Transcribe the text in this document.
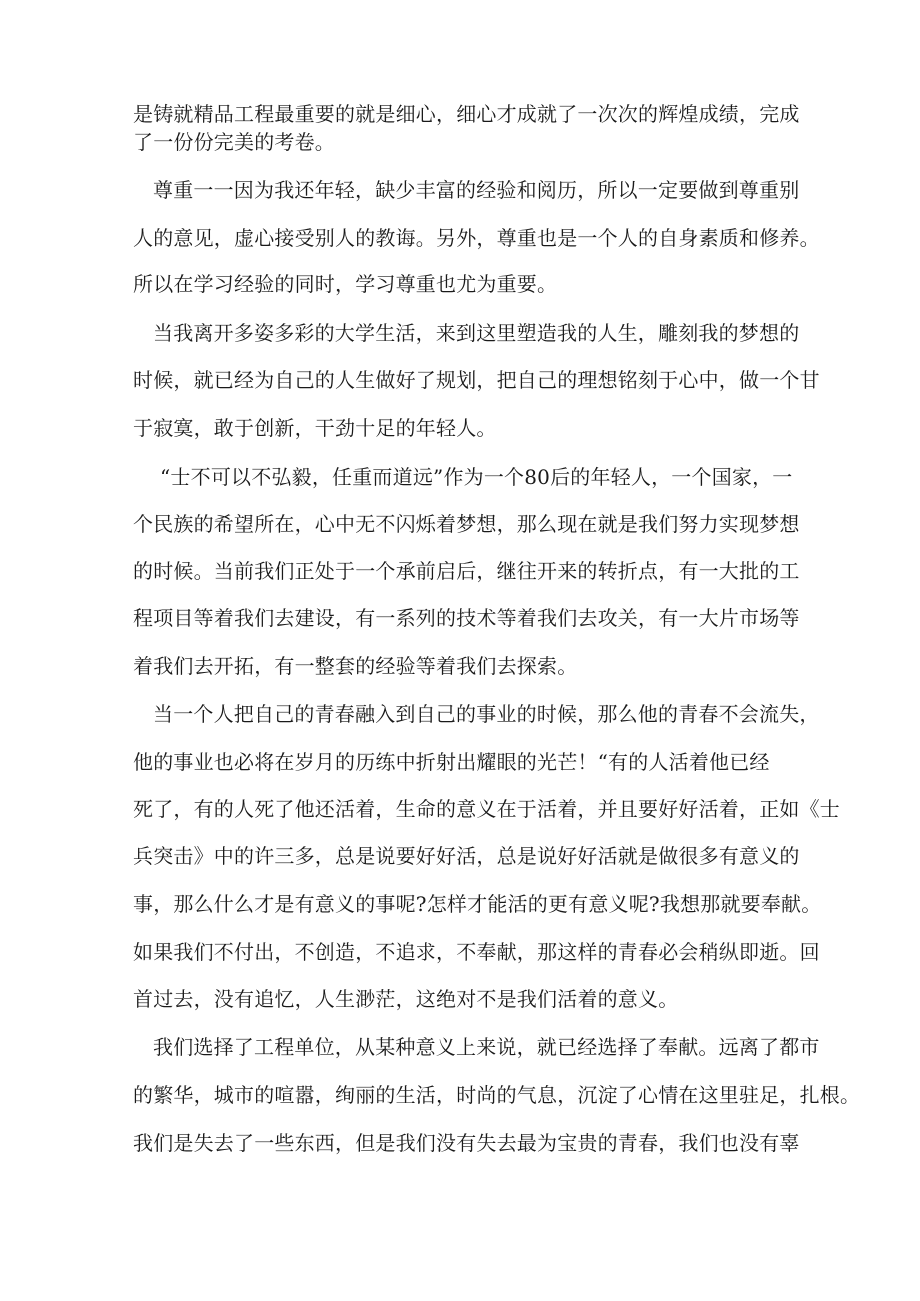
是铸就精品工程最重要的就是细心，细心才成就了一次次的辉煌成绩，完成
了一份份完美的考卷。
尊重一一因为我还年轻，缺少丰富的经验和阅历，所以一定要做到尊重别
人的意见，虚心接受别人的教诲。另外，尊重也是一个人的自身素质和修养。
所以在学习经验的同时，学习尊重也尤为重要。
当我离开多姿多彩的大学生活，来到这里塑造我的人生，雕刻我的梦想的
时候，就已经为自己的人生做好了规划，把自己的理想铭刻于心中，做一个甘
于寂寞，敢于创新，干劲十足的年轻人。
“士不可以不弘毅，任重而道远”作为一个80后的年轻人，一个国家，一
个民族的希望所在，心中无不闪烁着梦想，那么现在就是我们努力实现梦想
的时候。当前我们正处于一个承前启后，继往开来的转折点，有一大批的工
程项目等着我们去建设，有一系列的技术等着我们去攻关，有一大片市场等
着我们去开拓，有一整套的经验等着我们去探索。
当一个人把自己的青春融入到自己的事业的时候，那么他的青春不会流失，
他的事业也必将在岁月的历练中折射出耀眼的光芒！“有的人活着他已经
死了，有的人死了他还活着，生命的意义在于活着，并且要好好活着，正如《士
兵突击》中的许三多，总是说要好好活，总是说好好活就是做很多有意义的
事，那么什么才是有意义的事呢?怎样才能活的更有意义呢?我想那就要奉献。
如果我们不付出，不创造，不追求，不奉献，那这样的青春必会稍纵即逝。回
首过去，没有追忆，人生渺茫，这绝对不是我们活着的意义。
我们选择了工程单位，从某种意义上来说，就已经选择了奉献。远离了都市
的繁华，城市的喧嚣，绚丽的生活，时尚的气息，沉淀了心情在这里驻足，扎根。
我们是失去了一些东西，但是我们没有失去最为宝贵的青春，我们也没有辜
